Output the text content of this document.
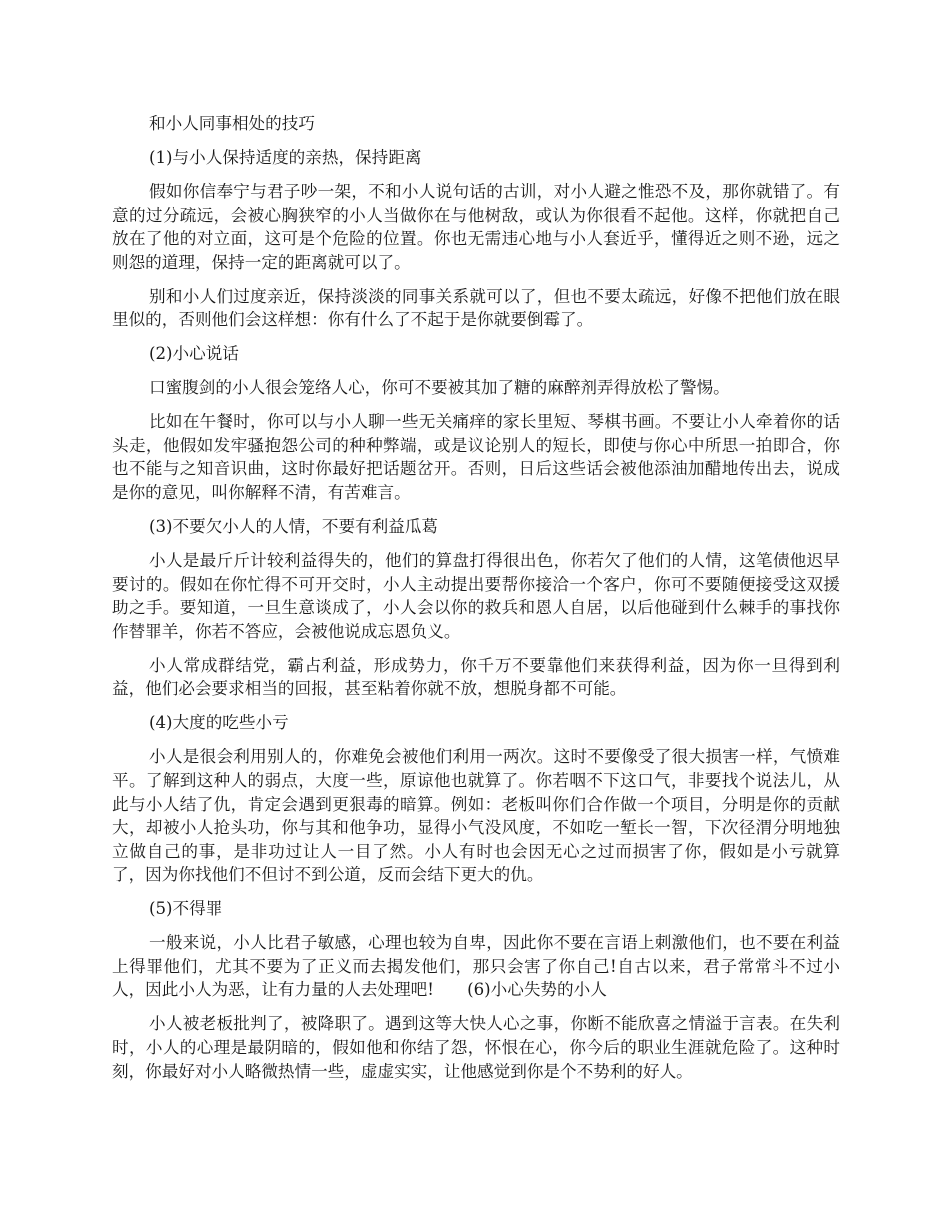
和小人同事相处的技巧

(1)与小人保持适度的亲热，保持距离

假如你信奉宁与君子吵一架，不和小人说句话的古训，对小人避之惟恐不及，那你就错了。有意的过分疏远，会被心胸狭窄的小人当做你在与他树敌，或认为你很看不起他。这样，你就把自己放在了他的对立面，这可是个危险的位置。你也无需违心地与小人套近乎，懂得近之则不逊，远之则怨的道理，保持一定的距离就可以了。

别和小人们过度亲近，保持淡淡的同事关系就可以了，但也不要太疏远，好像不把他们放在眼里似的，否则他们会这样想：你有什么了不起于是你就要倒霉了。

(2)小心说话

口蜜腹剑的小人很会笼络人心，你可不要被其加了糖的麻醉剂弄得放松了警惕。

比如在午餐时，你可以与小人聊一些无关痛痒的家长里短、琴棋书画。不要让小人牵着你的话头走，他假如发牢骚抱怨公司的种种弊端，或是议论别人的短长，即使与你心中所思一拍即合，你也不能与之知音识曲，这时你最好把话题岔开。否则，日后这些话会被他添油加醋地传出去，说成是你的意见，叫你解释不清，有苦难言。

(3)不要欠小人的人情，不要有利益瓜葛

小人是最斤斤计较利益得失的，他们的算盘打得很出色，你若欠了他们的人情，这笔债他迟早要讨的。假如在你忙得不可开交时，小人主动提出要帮你接洽一个客户，你可不要随便接受这双援助之手。要知道，一旦生意谈成了，小人会以你的救兵和恩人自居，以后他碰到什么棘手的事找你作替罪羊，你若不答应，会被他说成忘恩负义。

小人常成群结党，霸占利益，形成势力，你千万不要靠他们来获得利益，因为你一旦得到利益，他们必会要求相当的回报，甚至粘着你就不放，想脱身都不可能。

(4)大度的吃些小亏

小人是很会利用别人的，你难免会被他们利用一两次。这时不要像受了很大损害一样，气愤难平。了解到这种人的弱点，大度一些，原谅他也就算了。你若咽不下这口气，非要找个说法儿，从此与小人结了仇，肯定会遇到更狠毒的暗算。例如：老板叫你们合作做一个项目，分明是你的贡献大，却被小人抢头功，你与其和他争功，显得小气没风度，不如吃一堑长一智，下次径渭分明地独立做自己的事，是非功过让人一目了然。小人有时也会因无心之过而损害了你，假如是小亏就算了，因为你找他们不但讨不到公道，反而会结下更大的仇。

(5)不得罪

一般来说，小人比君子敏感，心理也较为自卑，因此你不要在言语上刺激他们，也不要在利益上得罪他们，尤其不要为了正义而去揭发他们，那只会害了你自己!自古以来，君子常常斗不过小人，因此小人为恶，让有力量的人去处理吧!　　(6)小心失势的小人

小人被老板批判了，被降职了。遇到这等大快人心之事，你断不能欣喜之情溢于言表。在失利时，小人的心理是最阴暗的，假如他和你结了怨，怀恨在心，你今后的职业生涯就危险了。这种时刻，你最好对小人略微热情一些，虚虚实实，让他感觉到你是个不势利的好人。
